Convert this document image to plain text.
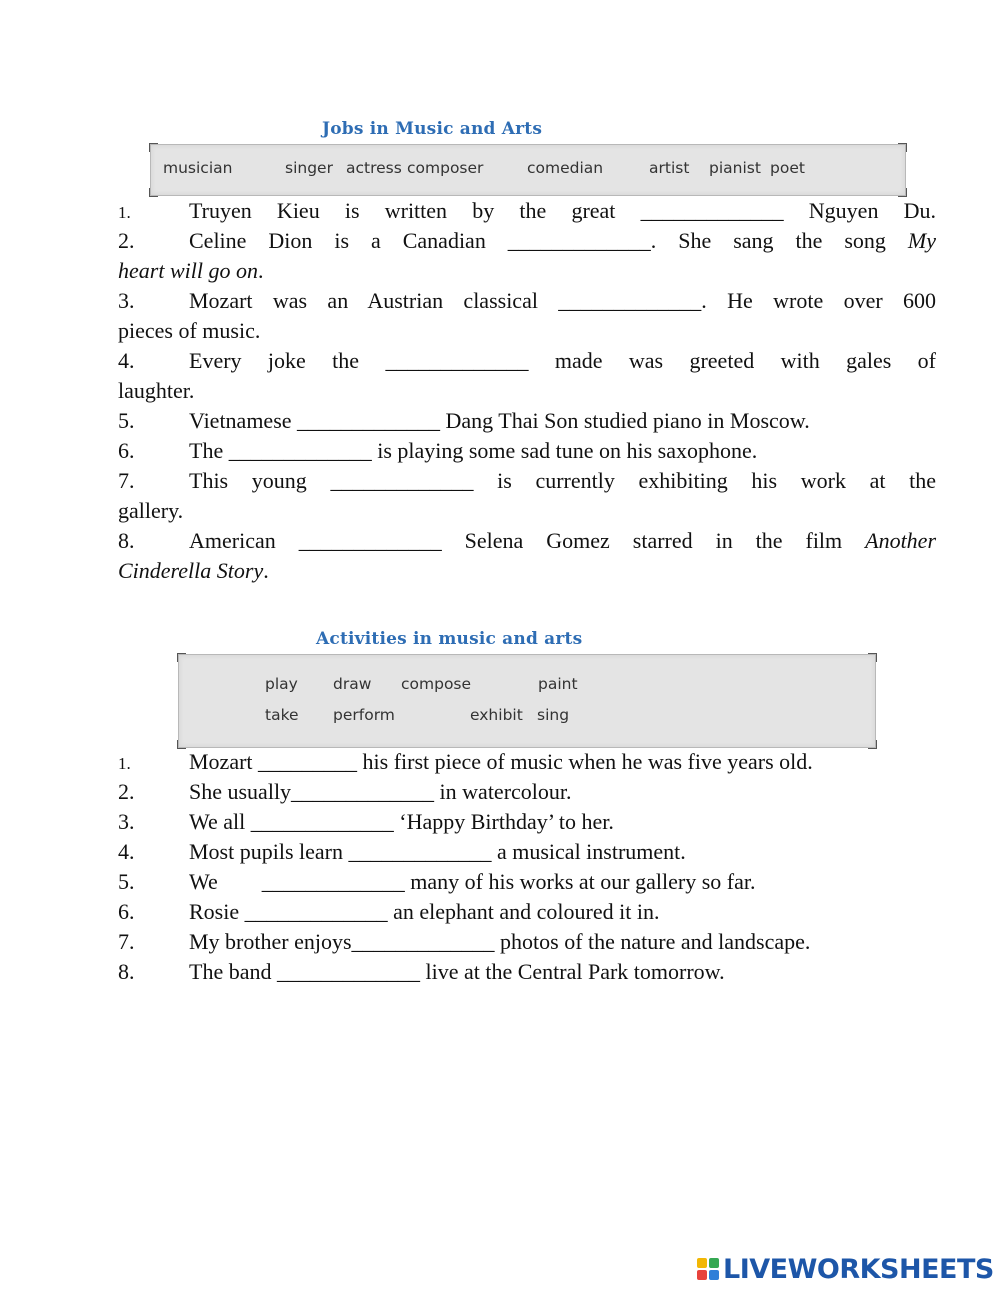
Jobs in Music and Arts
musician	singer actress composer	comedian	artist pianist poet
1.	Truyen Kieu is written by the great _____________ Nguyen Du.
2. Celine Dion is a Canadian _____________. She sang the song My
heart will go on.
3. Mozart was an Austrian classical _____________. He wrote over 600
pieces of music.
4. Every joke the _____________ made was greeted with gales of
laughter.
5. Vietnamese _____________ Dang Thai Son studied piano in Moscow.
6. The _____________ is playing some sad tune on his saxophone.
7. This young _____________ is currently exhibiting his work at the
gallery.
8. American _____________ Selena Gomez starred in the film Another
Cinderella Story.
Activities in music and arts
play draw compose	paint
take perform	exhibit sing
1.	Mozart _________ his first piece of music when he was five years old.
2. She usually_____________ in watercolour.
3. We all _____________ ‘Happy Birthday’ to her.
4. Most pupils learn _____________ a musical instrument.
5. We        _____________ many of his works at our gallery so far.
6. Rosie _____________ an elephant and coloured it in.
7. My brother enjoys_____________ photos of the nature and landscape.
8. The band _____________ live at the Central Park tomorrow.
LIVEWORKSHEETS
